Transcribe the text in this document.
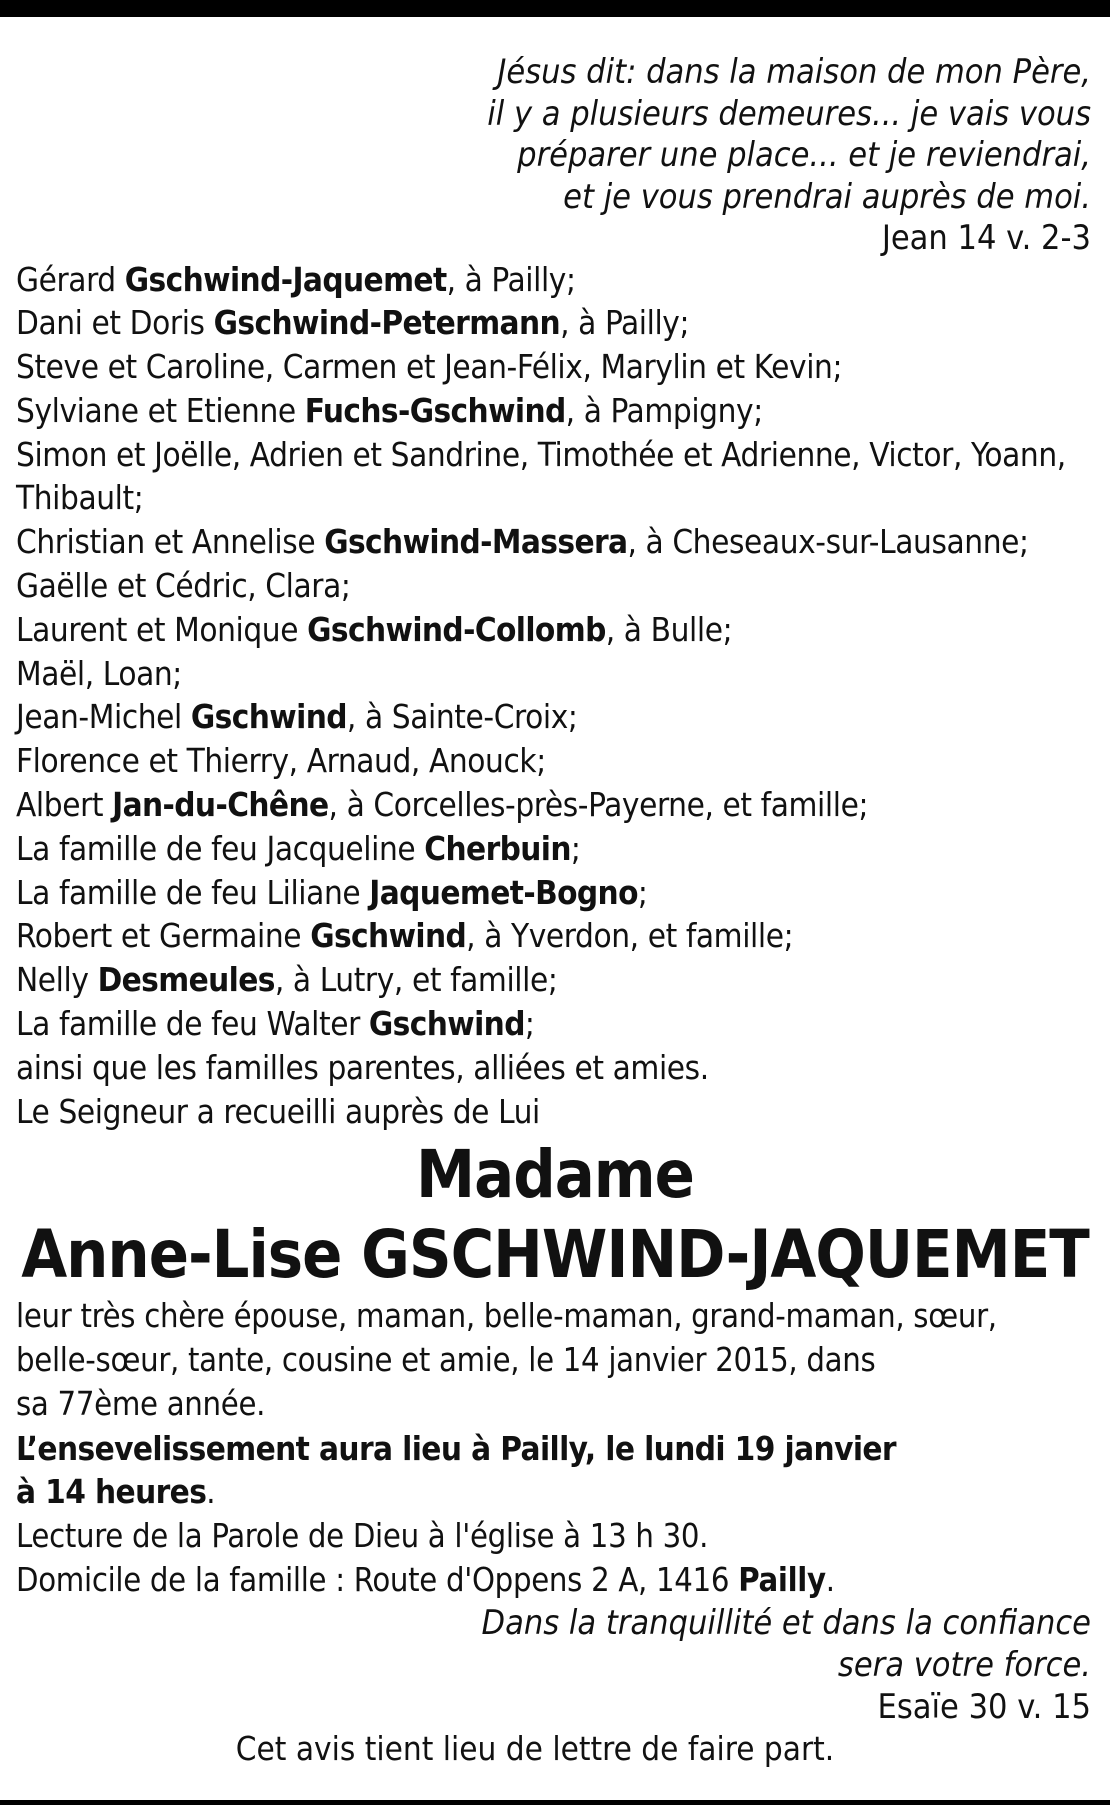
Jésus dit: dans la maison de mon Père,
il y a plusieurs demeures... je vais vous
préparer une place... et je reviendrai,
et je vous prendrai auprès de moi.
Jean 14 v. 2-3
Gérard Gschwind-Jaquemet, à Pailly;
Dani et Doris Gschwind-Petermann, à Pailly;
Steve et Caroline, Carmen et Jean-Félix, Marylin et Kevin;
Sylviane et Etienne Fuchs-Gschwind, à Pampigny;
Simon et Joëlle, Adrien et Sandrine, Timothée et Adrienne, Victor, Yoann, Thibault;
Christian et Annelise Gschwind-Massera, à Cheseaux-sur-Lausanne;
Gaëlle et Cédric, Clara;
Laurent et Monique Gschwind-Collomb, à Bulle;
Maël, Loan;
Jean-Michel Gschwind, à Sainte-Croix;
Florence et Thierry, Arnaud, Anouck;
Albert Jan-du-Chêne, à Corcelles-près-Payerne, et famille;
La famille de feu Jacqueline Cherbuin;
La famille de feu Liliane Jaquemet-Bogno;
Robert et Germaine Gschwind, à Yverdon, et famille;
Nelly Desmeules, à Lutry, et famille;
La famille de feu Walter Gschwind;
ainsi que les familles parentes, alliées et amies.
Le Seigneur a recueilli auprès de Lui
Madame
Anne-Lise GSCHWIND-JAQUEMET
leur très chère épouse, maman, belle-maman, grand-maman, sœur,
belle-sœur, tante, cousine et amie, le 14 janvier 2015, dans
sa 77ème année.
L’ensevelissement aura lieu à Pailly, le lundi 19 janvier
à 14 heures.
Lecture de la Parole de Dieu à l'église à 13 h 30.
Domicile de la famille : Route d'Oppens 2 A, 1416 Pailly.
Dans la tranquillité et dans la confiance
sera votre force.
Esaïe 30 v. 15
Cet avis tient lieu de lettre de faire part.
